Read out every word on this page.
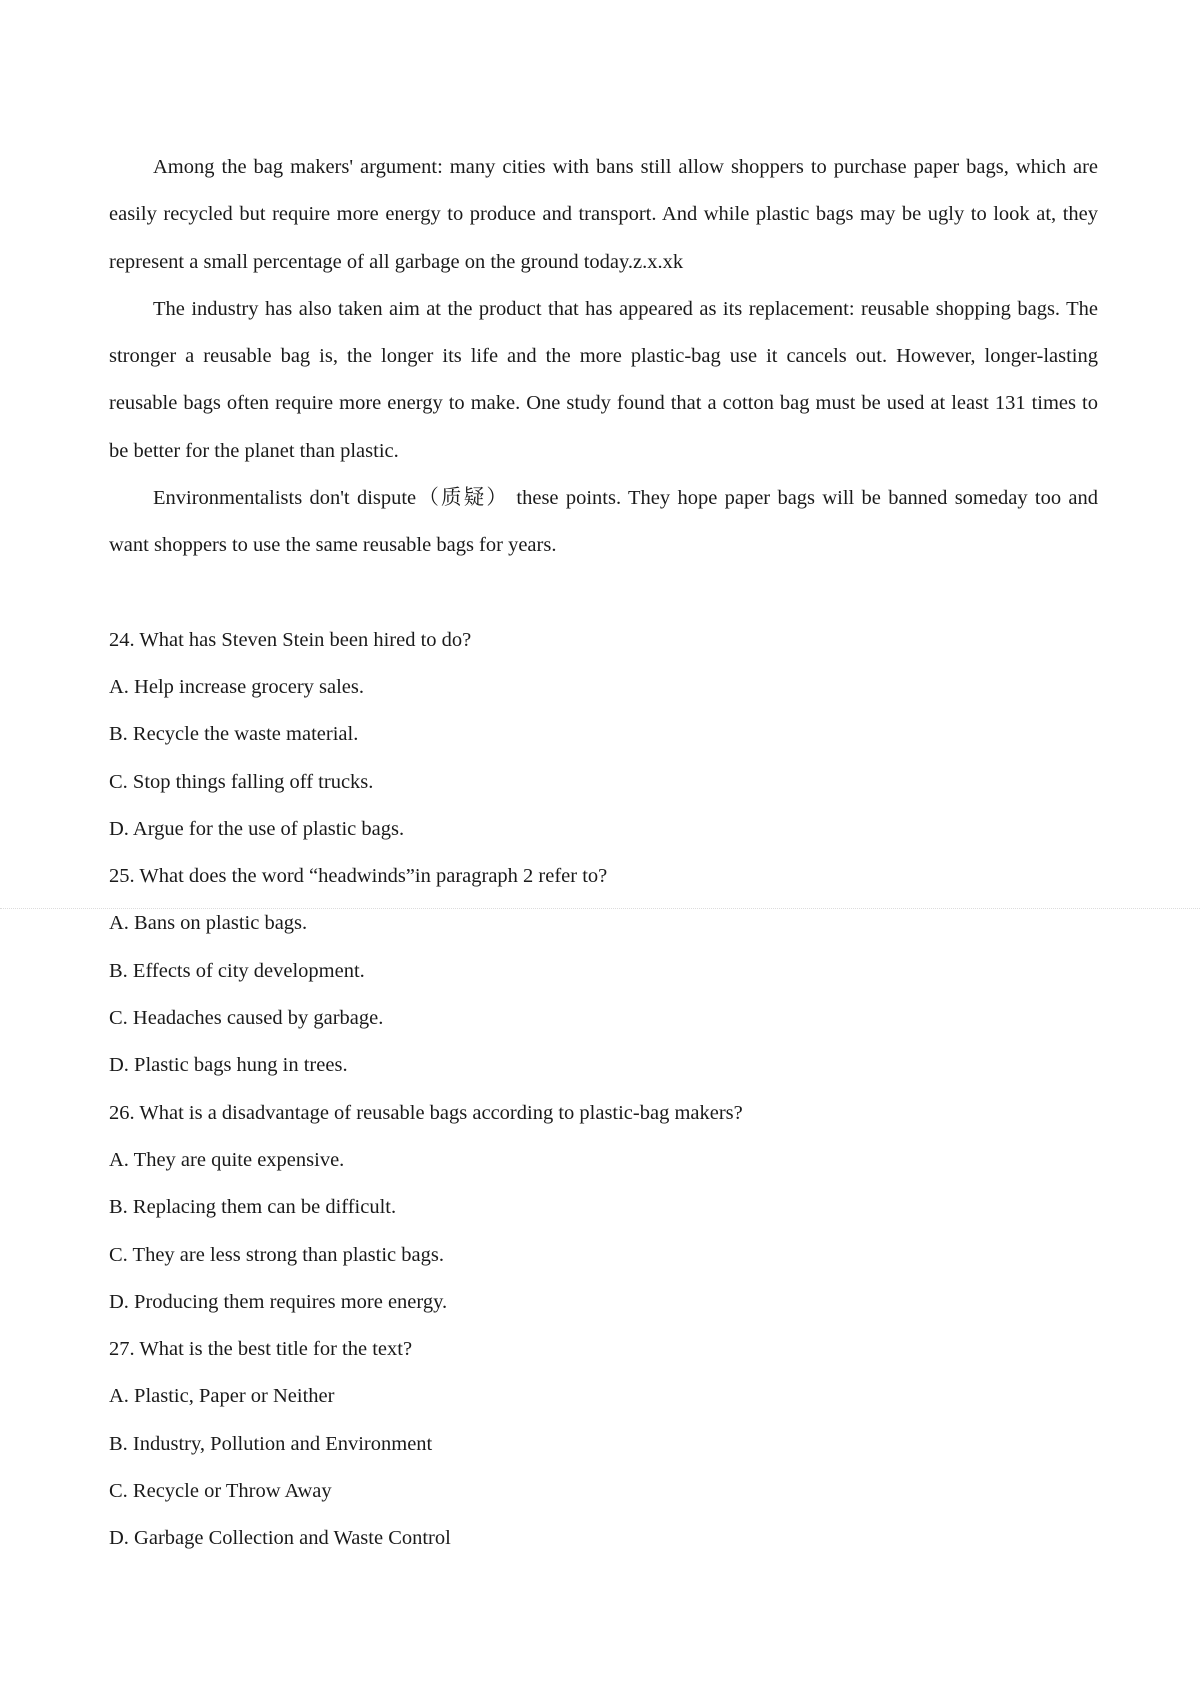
Among the bag makers' argument: many cities with bans still allow shoppers to purchase paper bags, which are easily recycled but require more energy to produce and transport. And while plastic bags may be ugly to look at, they represent a small percentage of all garbage on the ground today.z.x.xk

The industry has also taken aim at the product that has appeared as its replacement: reusable shopping bags. The stronger a reusable bag is, the longer its life and the more plastic-bag use it cancels out. However, longer-lasting reusable bags often require more energy to make. One study found that a cotton bag must be used at least 131 times to be better for the planet than plastic.

Environmentalists don't dispute（质疑） these points. They hope paper bags will be banned someday too and want shoppers to use the same reusable bags for years.

24. What has Steven Stein been hired to do?

A. Help increase grocery sales.

B. Recycle the waste material.

C. Stop things falling off trucks.

D. Argue for the use of plastic bags.

25. What does the word “headwinds”in paragraph 2 refer to?

A. Bans on plastic bags.

B. Effects of city development.

C. Headaches caused by garbage.

D. Plastic bags hung in trees.

26. What is a disadvantage of reusable bags according to plastic-bag makers?

A. They are quite expensive.

B. Replacing them can be difficult.

C. They are less strong than plastic bags.

D. Producing them requires more energy.

27. What is the best title for the text?

A. Plastic, Paper or Neither

B. Industry, Pollution and Environment

C. Recycle or Throw Away

D. Garbage Collection and Waste Control
